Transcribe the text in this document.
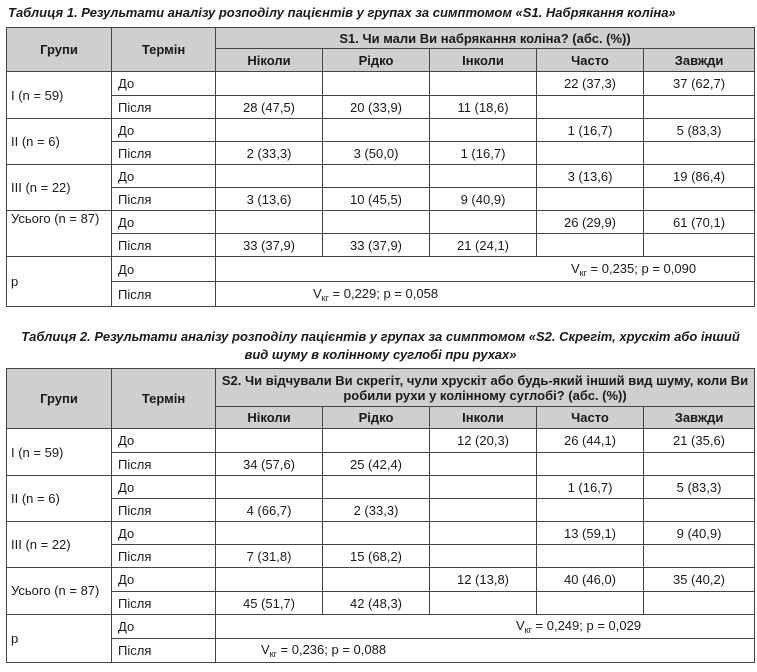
Таблиця 1. Результати аналізу розподілу пацієнтів у групах за симптомом «S1. Набрякання коліна»
Групи	Термін	S1. Чи мали Ви набрякання коліна? (абс. (%))				
		Ніколи	Рідко	Інколи	Часто	Завжди
I (n = 59)	До				22 (37,3)	37 (62,7)
	Після	28 (47,5)	20 (33,9)	11 (18,6)		
II (n = 6)	До				1 (16,7)	5 (83,3)
	Після	2 (33,3)	3 (50,0)	1 (16,7)		
III (n = 22)	До				3 (13,6)	19 (86,4)
	Після	3 (13,6)	10 (45,5)	9 (40,9)		
Усього (n = 87)	До				26 (29,9)	61 (70,1)
	Після	33 (37,9)	33 (37,9)	21 (24,1)		
p	До	$V_{кг} = 0,235$; p = 0,090				
	Після	$V_{кг} = 0,229$; p = 0,058				
Таблиця 2. Результати аналізу розподілу пацієнтів у групах за симптомом «S2. Скрегіт, хрускіт або інший вид шуму в колінному суглобі при рухах»
Групи	Термін	S2. Чи відчували Ви скрегіт, чули хрускіт або будь-який інший вид шуму, коли Ви робили рухи у колінному суглобі? (абс. (%))				
		Ніколи	Рідко	Інколи	Часто	Завжди
I (n = 59)	До			12 (20,3)	26 (44,1)	21 (35,6)
	Після	34 (57,6)	25 (42,4)			
II (n = 6)	До				1 (16,7)	5 (83,3)
	Після	4 (66,7)	2 (33,3)			
III (n = 22)	До				13 (59,1)	9 (40,9)
	Після	7 (31,8)	15 (68,2)			
Усього (n = 87)	До			12 (13,8)	40 (46,0)	35 (40,2)
	Після	45 (51,7)	42 (48,3)			
p	До	$V_{кг} = 0,249$; p = 0,029				
	Після	$V_{кг} = 0,236$; p = 0,088				
